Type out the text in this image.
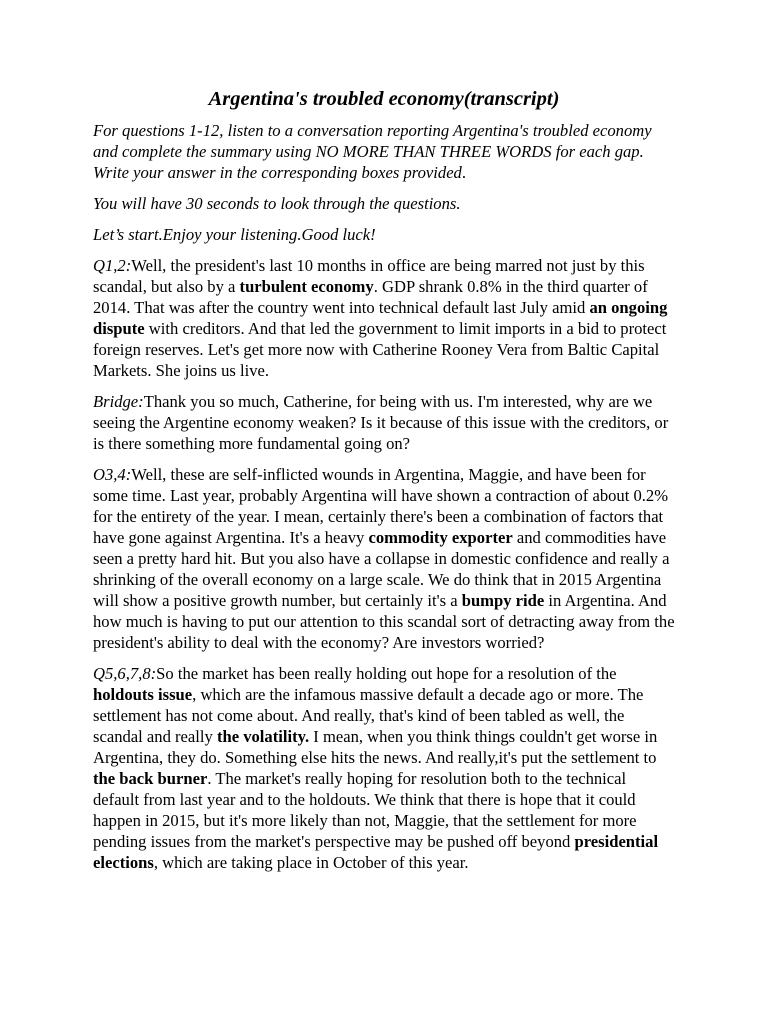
Argentina's troubled economy(transcript)

For questions 1-12, listen to a conversation reporting Argentina's troubled economy and complete the summary using NO MORE THAN THREE WORDS for each gap. Write your answer in the corresponding boxes provided.

You will have 30 seconds to look through the questions.

Let’s start.Enjoy your listening.Good luck!

Q1,2:Well, the president's last 10 months in office are being marred not just by this scandal, but also by a turbulent economy. GDP shrank 0.8% in the third quarter of 2014. That was after the country went into technical default last July amid an ongoing dispute with creditors. And that led the government to limit imports in a bid to protect foreign reserves. Let's get more now with Catherine Rooney Vera from Baltic Capital Markets. She joins us live.

Bridge:Thank you so much, Catherine, for being with us. I'm interested, why are we seeing the Argentine economy weaken? Is it because of this issue with the creditors, or is there something more fundamental going on?

O3,4:Well, these are self-inflicted wounds in Argentina, Maggie, and have been for some time. Last year, probably Argentina will have shown a contraction of about 0.2% for the entirety of the year. I mean, certainly there's been a combination of factors that have gone against Argentina. It's a heavy commodity exporter and commodities have seen a pretty hard hit. But you also have a collapse in domestic confidence and really a shrinking of the overall economy on a large scale. We do think that in 2015 Argentina will show a positive growth number, but certainly it's a bumpy ride in Argentina. And how much is having to put our attention to this scandal sort of detracting away from the president's ability to deal with the economy? Are investors worried?

Q5,6,7,8:So the market has been really holding out hope for a resolution of the holdouts issue, which are the infamous massive default a decade ago or more. The settlement has not come about. And really, that's kind of been tabled as well, the scandal and really the volatility. I mean, when you think things couldn't get worse in Argentina, they do. Something else hits the news. And really,it's put the settlement to the back burner. The market's really hoping for resolution both to the technical default from last year and to the holdouts. We think that there is hope that it could happen in 2015, but it's more likely than not, Maggie, that the settlement for more pending issues from the market's perspective may be pushed off beyond presidential elections, which are taking place in October of this year.
